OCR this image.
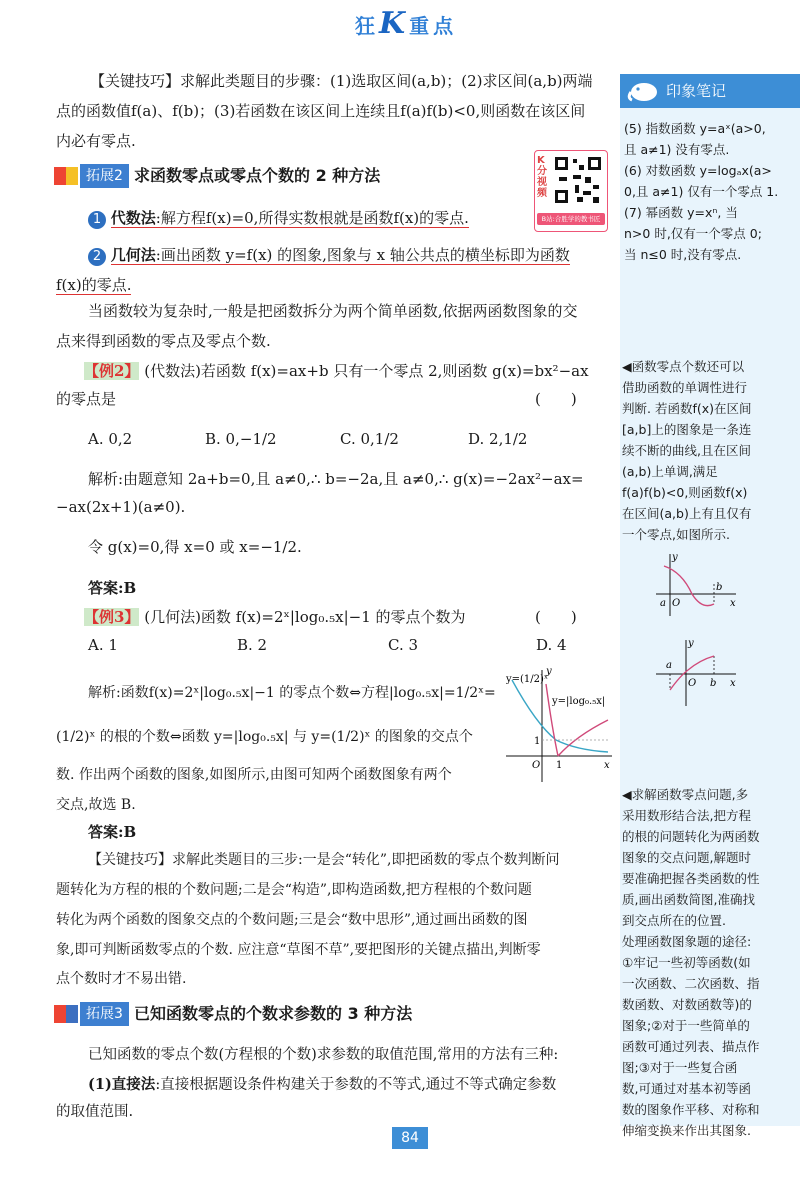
狂K重点
印象笔记
【关键技巧】求解此类题目的步骤：(1)选取区间(a,b)；(2)求区间(a,b)两端
点的函数值f(a)、f(b)；(3)若函数在该区间上连续且f(a)f(b)<0,则函数在该区间
内必有零点.
拓展2 求函数零点或零点个数的 2 种方法
K分视频
B站:合胜学的教书匠
1 代数法:解方程f(x)=0,所得实数根就是函数f(x)的零点.
2 几何法:画出函数 y=f(x) 的图象,图象与 x 轴公共点的横坐标即为函数
f(x)的零点.
当函数较为复杂时,一般是把函数拆分为两个简单函数,依据两函数图象的交
点来得到函数的零点及零点个数.
【例2】 (代数法)若函数 f(x)=ax+b 只有一个零点 2,则函数 g(x)=bx²−ax
的零点是	(　　)
A. 0,2	B. 0,−1/2	C. 0,1/2	D. 2,1/2
解析:由题意知 2a+b=0,且 a≠0,∴ b=−2a,且 a≠0,∴ g(x)=−2ax²−ax=
−ax(2x+1)(a≠0).
令 g(x)=0,得 x=0 或 x=−1/2.
答案:B
【例3】 (几何法)函数 f(x)=2ˣ|log₀.₅x|−1 的零点个数为	(　　)
A. 1	B. 2	C. 3	D. 4
解析:函数f(x)=2ˣ|log₀.₅x|−1 的零点个数⇔方程|log₀.₅x|=1/2ˣ=
(1/2)ˣ 的根的个数⇔函数 y=|log₀.₅x| 与 y=(1/2)ˣ 的图象的交点个
数. 作出两个函数的图象,如图所示,由图可知两个函数图象有两个
交点,故选 B.
答案:B
y=(1/2)ˣ
y=|log₀.₅x|
y
x
O 1
1
【关键技巧】求解此类题目的三步:一是会“转化”,即把函数的零点个数判断问
题转化为方程的根的个数问题;二是会“构造”,即构造函数,把方程根的个数问题
转化为两个函数的图象交点的个数问题;三是会“数中思形”,通过画出函数的图
象,即可判断函数零点的个数. 应注意“草图不草”,要把图形的关键点描出,判断零
点个数时才不易出错.
拓展3 已知函数零点的个数求参数的 3 种方法
已知函数的零点个数(方程根的个数)求参数的取值范围,常用的方法有三种:
(1)直接法:直接根据题设条件构建关于参数的不等式,通过不等式确定参数
的取值范围.
(5) 指数函数 y=aˣ(a>0,
且 a≠1) 没有零点.
(6) 对数函数 y=logₐx(a>
0,且 a≠1) 仅有一个零点 1.
(7) 幂函数 y=xⁿ, 当
n>0 时,仅有一个零点 0;
当 n≤0 时,没有零点.
◀函数零点个数还可以
借助函数的单调性进行
判断. 若函数f(x)在区间
[a,b]上的图象是一条连
续不断的曲线,且在区间
(a,b)上单调,满足
f(a)f(b)<0,则函数f(x)
在区间(a,b)上有且仅有
一个零点,如图所示.
y
x
a O
b
y
x
a
O b
◀求解函数零点问题,多
采用数形结合法,把方程
的根的问题转化为两函数
图象的交点问题,解题时
要准确把握各类函数的性
质,画出函数简图,准确找
到交点所在的位置.
处理函数图象题的途径:
①牢记一些初等函数(如
一次函数、二次函数、指
数函数、对数函数等)的
图象;②对于一些简单的
函数可通过列表、描点作
图;③对于一些复合函
数,可通过对基本初等函
数的图象作平移、对称和
伸缩变换来作出其图象.
84
